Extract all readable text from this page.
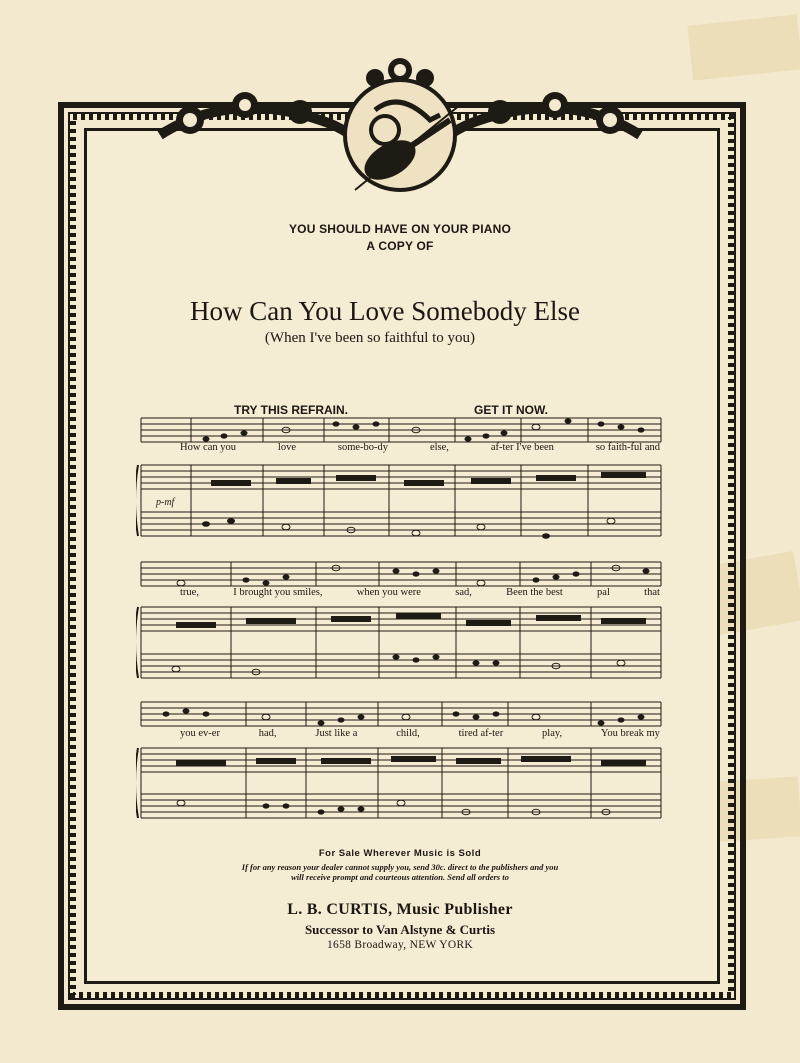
YOU SHOULD HAVE ON YOUR PIANO
A COPY OF
How Can You Love Somebody Else
(When I've been so faithful to you)
TRY THIS REFRAIN.	GET IT NOW.
p-mf
How can you	love	some-bo-dy	else,	af-ter I've been	so faith-ful and
true,	I brought you smiles,	when you were	sad,	Been the best	pal	that
you ev-er	had,	Just like a	child,	tired af-ter	play,	You break my
For Sale Wherever Music is Sold
If for any reason your dealer cannot supply you, send 30c. direct to the publishers and you
will receive prompt and courteous attention. Send all orders to
L. B. CURTIS, Music Publisher
Successor to Van Alstyne & Curtis
1658 Broadway, NEW YORK
